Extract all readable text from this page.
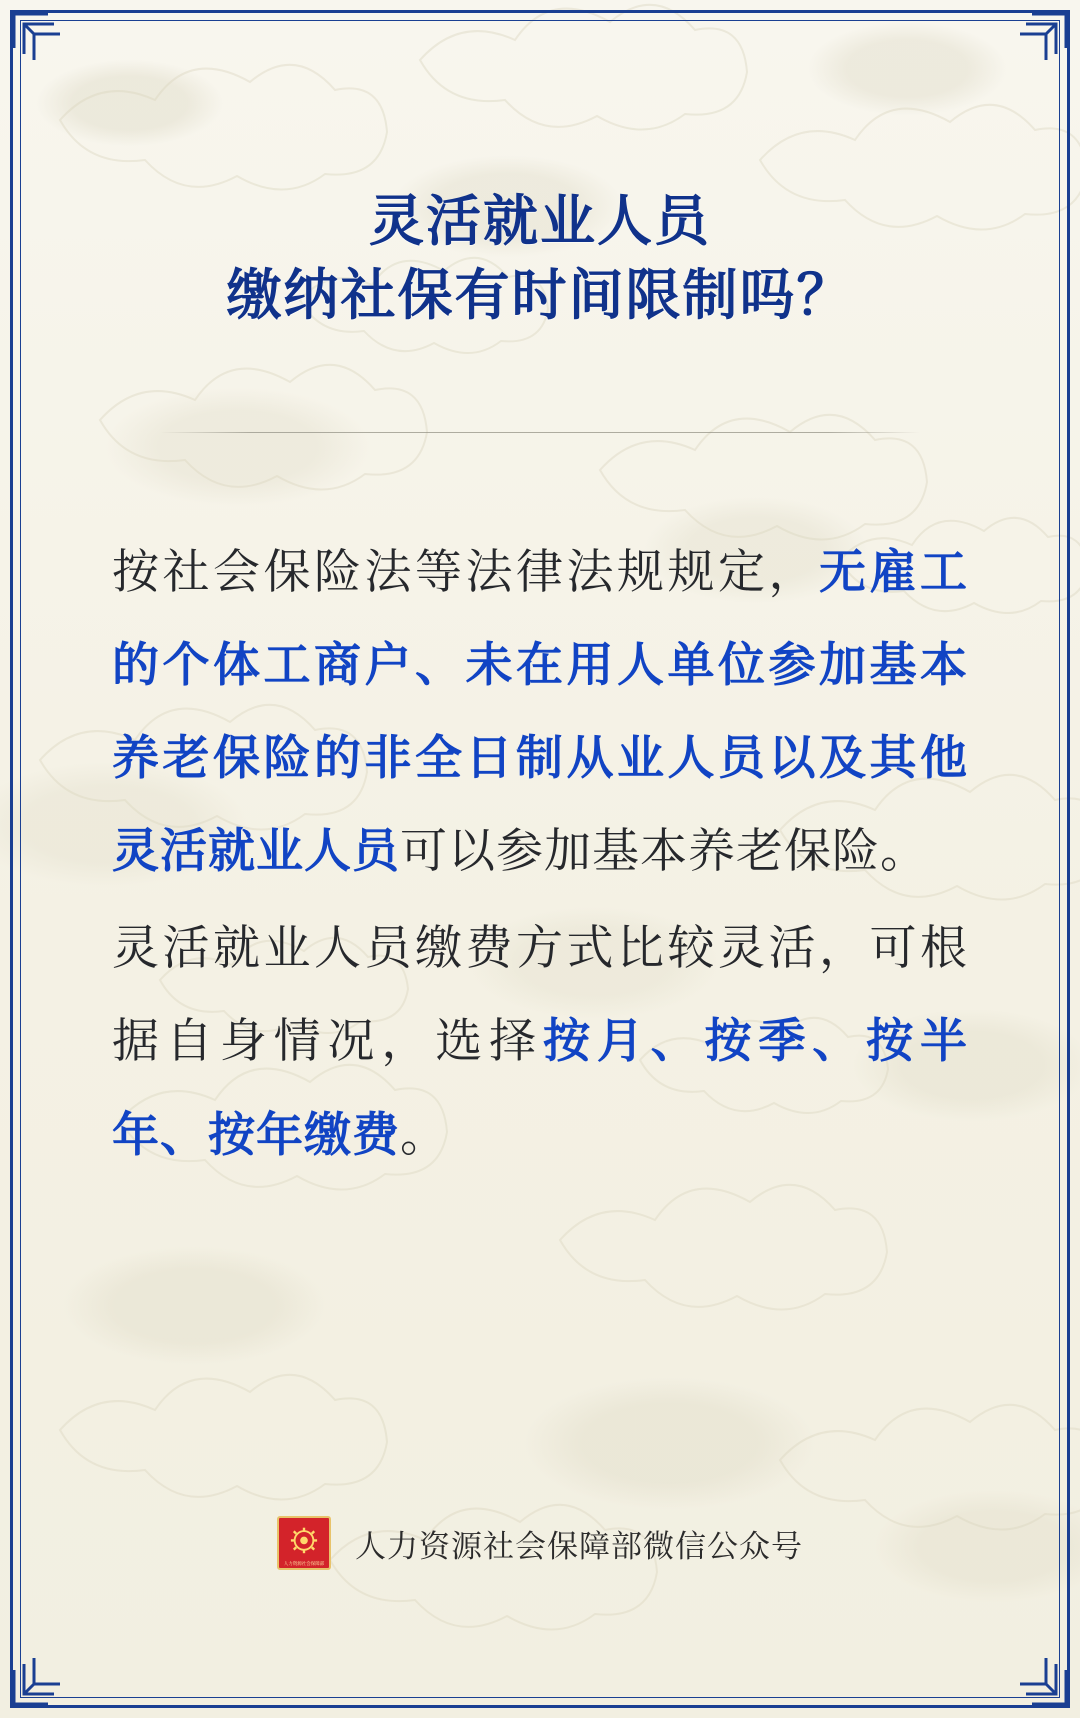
灵活就业人员
缴纳社保有时间限制吗？

按社会保险法等法律法规规定，无雇工的个体工商户、未在用人单位参加基本养老保险的非全日制从业人员以及其他灵活就业人员可以参加基本养老保险。

灵活就业人员缴费方式比较灵活，可根据自身情况，选择按月、按季、按半年、按年缴费。

人力资源社会保障部 人力资源社会保障部微信公众号
